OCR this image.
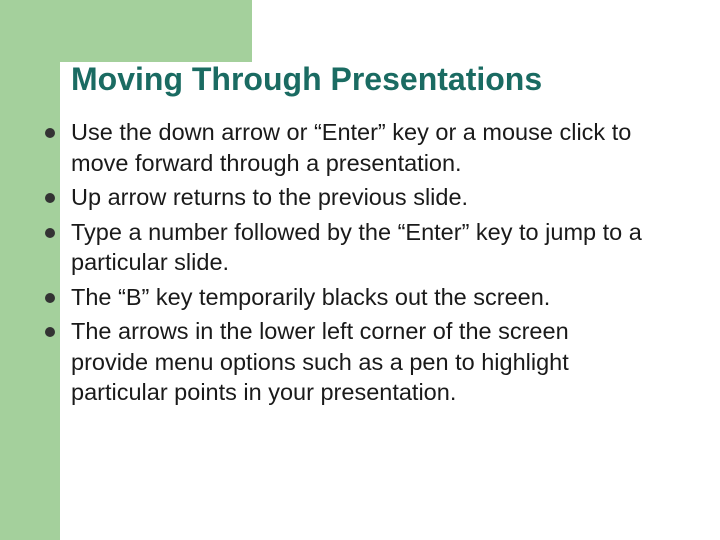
Moving Through Presentations
Use the down arrow or “Enter” key or a mouse click to move forward through a presentation.
Up arrow returns to the previous slide.
Type a number followed by the “Enter” key to jump to a particular slide.
The “B” key temporarily blacks out the screen.
The arrows in the lower left corner of the screen provide menu options such as a pen to highlight particular points in your presentation.
